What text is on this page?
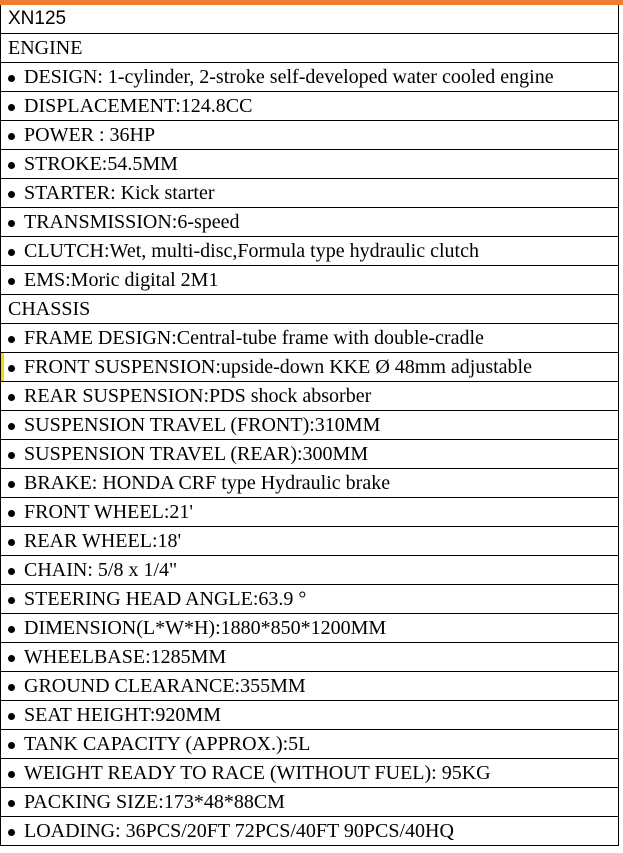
XN125
ENGINE
DESIGN: 1-cylinder, 2-stroke self-developed water cooled engine
DISPLACEMENT:124.8CC
POWER : 36HP
STROKE:54.5MM
STARTER: Kick starter
TRANSMISSION:6-speed
CLUTCH:Wet, multi-disc,Formula type hydraulic clutch
EMS:Moric digital 2M1
CHASSIS
FRAME DESIGN:Central-tube frame with double-cradle
FRONT SUSPENSION:upside-down KKE Ø 48mm adjustable
REAR SUSPENSION:PDS shock absorber
SUSPENSION TRAVEL (FRONT):310MM
SUSPENSION TRAVEL (REAR):300MM
BRAKE: HONDA CRF type Hydraulic brake
FRONT WHEEL:21'
REAR WHEEL:18'
CHAIN: 5/8 x 1/4"
STEERING HEAD ANGLE:63.9 °
DIMENSION(L*W*H):1880*850*1200MM
WHEELBASE:1285MM
GROUND CLEARANCE:355MM
SEAT HEIGHT:920MM
TANK CAPACITY (APPROX.):5L
WEIGHT READY TO RACE (WITHOUT FUEL): 95KG
PACKING SIZE:173*48*88CM
LOADING: 36PCS/20FT 72PCS/40FT 90PCS/40HQ
